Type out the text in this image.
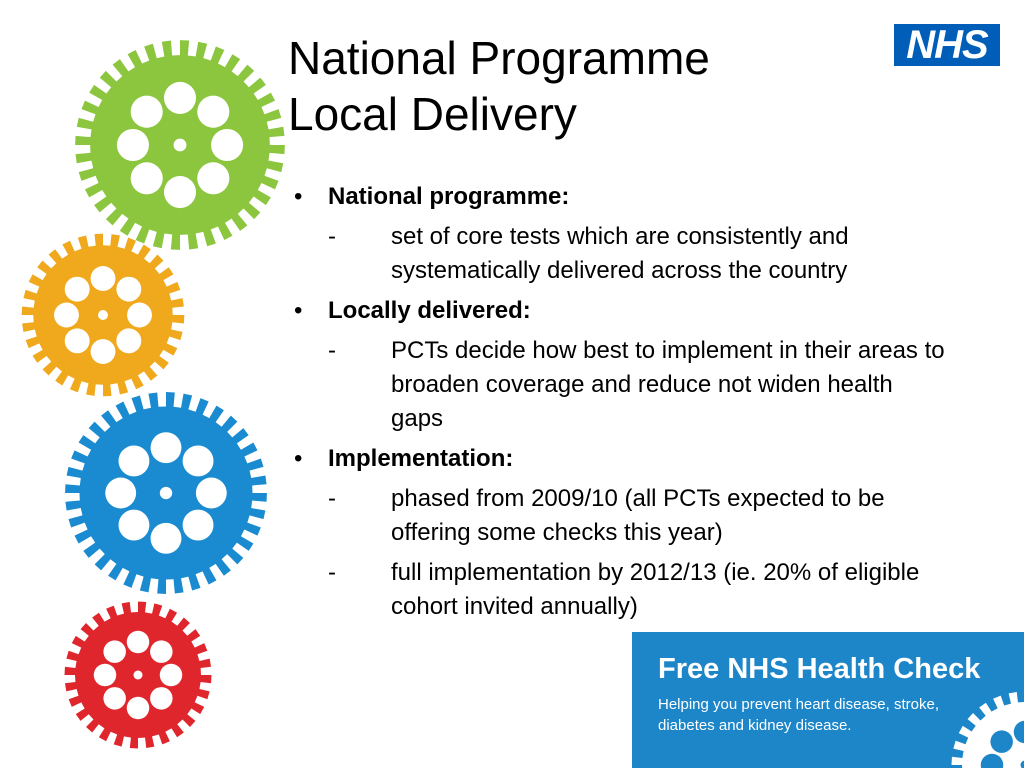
National Programme
Local Delivery
NHS
• National programme:
- set of core tests which are consistently and systematically delivered across the country
• Locally delivered:
- PCTs decide how best to implement in their areas to broaden coverage and reduce not widen health gaps
• Implementation:
- phased from 2009/10 (all PCTs expected to be offering some checks this year)
- full implementation by 2012/13 (ie. 20% of eligible cohort invited annually)
Free NHS Health Check
Helping you prevent heart disease, stroke, diabetes and kidney disease.
